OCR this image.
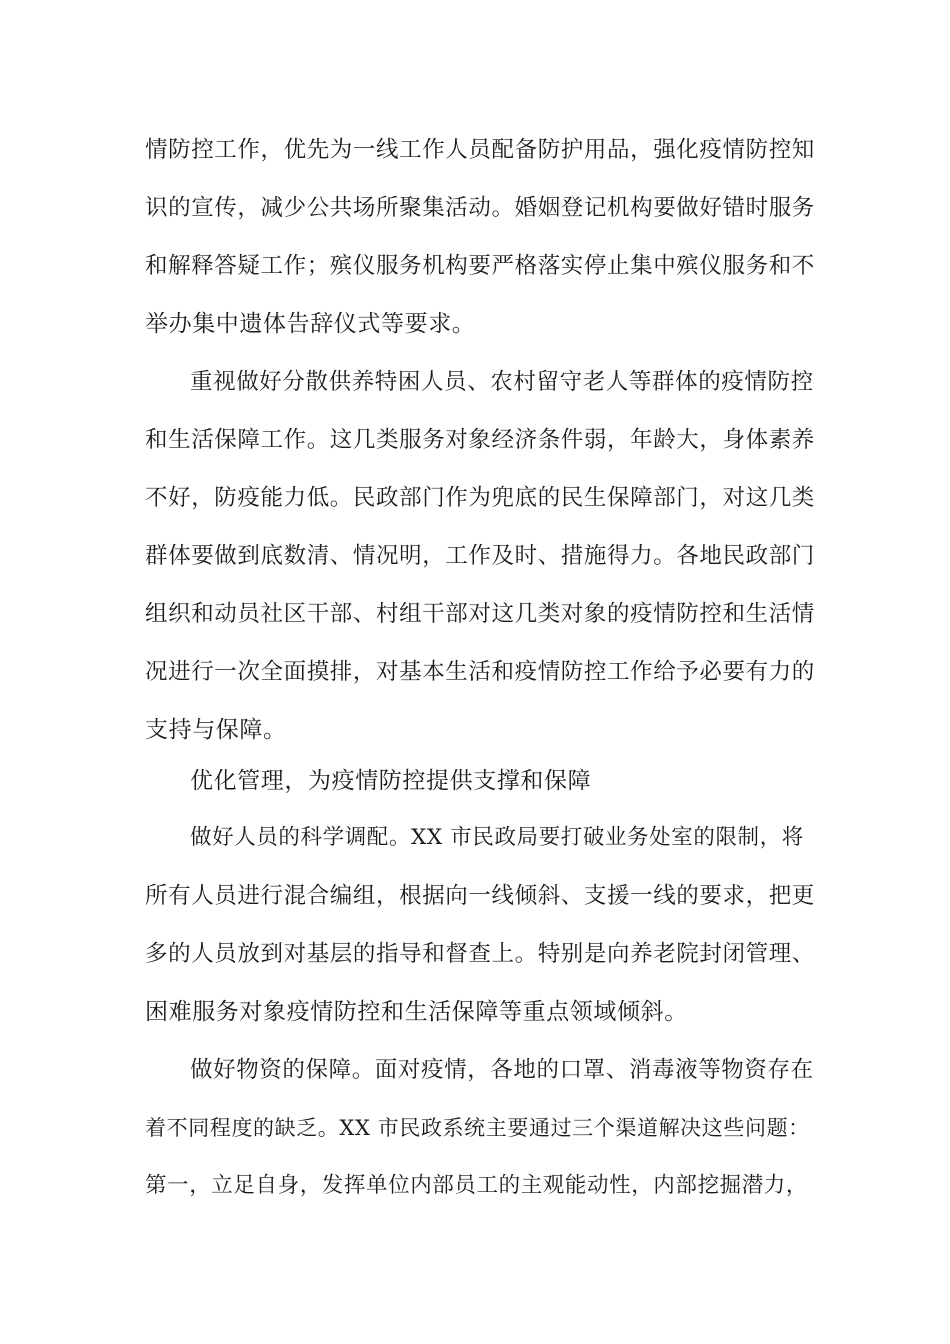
情防控工作，优先为一线工作人员配备防护用品，强化疫情防控知
识的宣传，减少公共场所聚集活动。婚姻登记机构要做好错时服务
和解释答疑工作；殡仪服务机构要严格落实停止集中殡仪服务和不
举办集中遗体告辞仪式等要求。
重视做好分散供养特困人员、农村留守老人等群体的疫情防控
和生活保障工作。这几类服务对象经济条件弱，年龄大，身体素养
不好，防疫能力低。民政部门作为兜底的民生保障部门，对这几类
群体要做到底数清、情况明，工作及时、措施得力。各地民政部门
组织和动员社区干部、村组干部对这几类对象的疫情防控和生活情
况进行一次全面摸排，对基本生活和疫情防控工作给予必要有力的
支持与保障。
优化管理，为疫情防控提供支撑和保障
做好人员的科学调配。XX 市民政局要打破业务处室的限制，将
所有人员进行混合编组，根据向一线倾斜、支援一线的要求，把更
多的人员放到对基层的指导和督查上。特别是向养老院封闭管理、
困难服务对象疫情防控和生活保障等重点领域倾斜。
做好物资的保障。面对疫情，各地的口罩、消毒液等物资存在
着不同程度的缺乏。XX 市民政系统主要通过三个渠道解决这些问题：
第一，立足自身，发挥单位内部员工的主观能动性，内部挖掘潜力，
